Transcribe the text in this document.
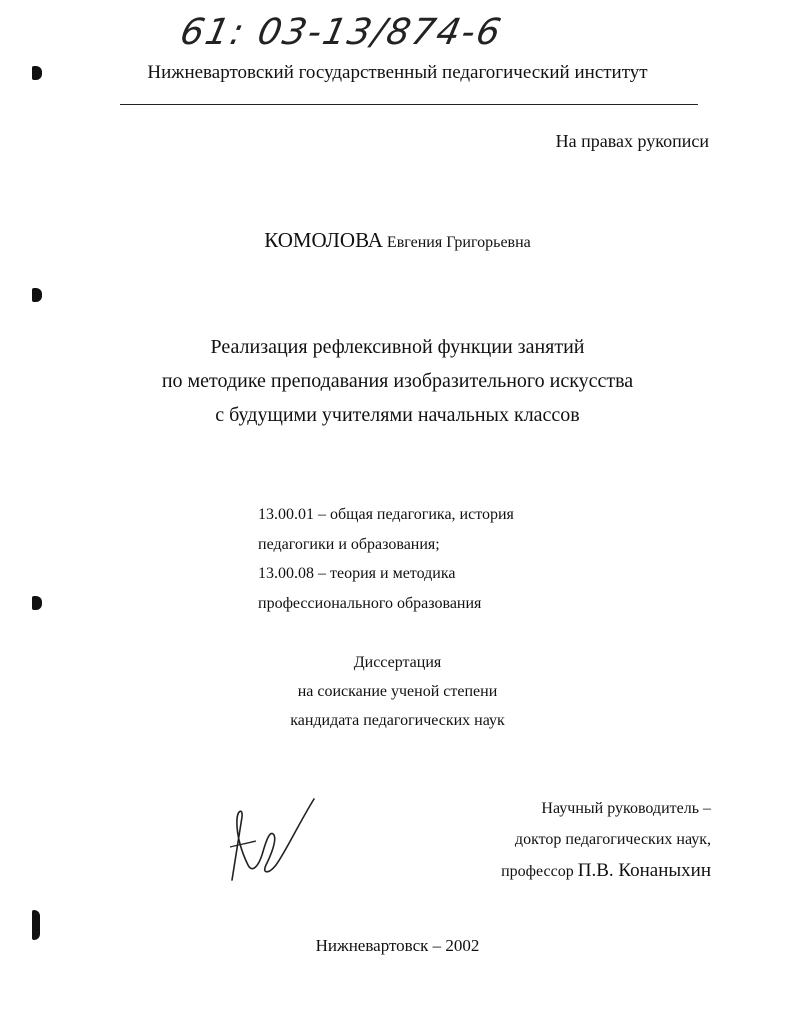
61: 03-13/874-6
Нижневартовский государственный педагогический институт
На правах рукописи
КОМОЛОВА Евгения Григорьевна
Реализация рефлексивной функции занятий
по методике преподавания изобразительного искусства
с будущими учителями начальных классов
13.00.01 – общая педагогика, история
педагогики и образования;
13.00.08 – теория и методика
профессионального образования
Диссертация
на соискание ученой степени
кандидата педагогических наук
Научный руководитель –
доктор педагогических наук,
профессор П.В. Конаныхин
Нижневартовск – 2002
